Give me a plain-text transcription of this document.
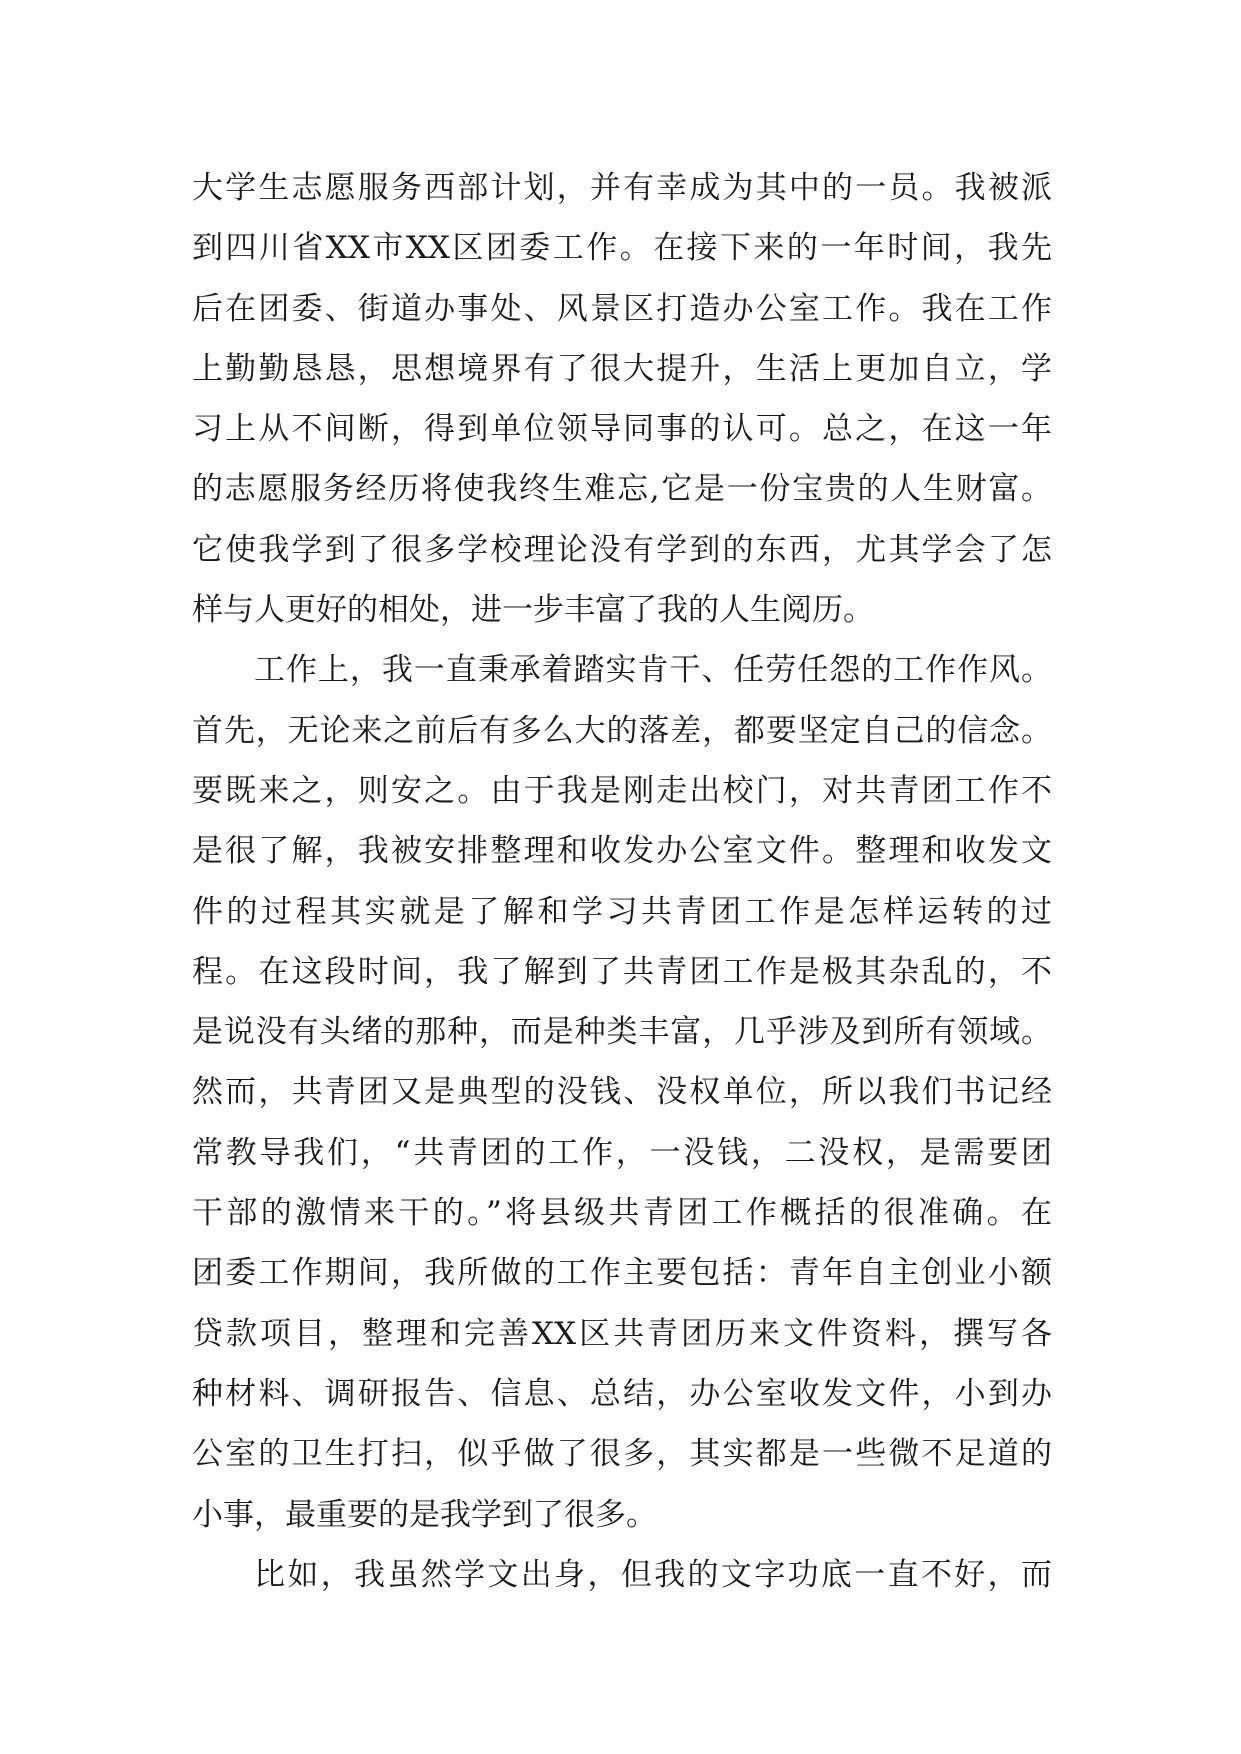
大学生志愿服务西部计划，并有幸成为其中的一员。我被派
到四川省XX市XX区团委工作。在接下来的一年时间，我先
后在团委、街道办事处、风景区打造办公室工作。我在工作
上勤勤恳恳，思想境界有了很大提升，生活上更加自立，学
习上从不间断，得到单位领导同事的认可。总之，在这一年
的志愿服务经历将使我终生难忘,它是一份宝贵的人生财富。
它使我学到了很多学校理论没有学到的东西，尤其学会了怎
样与人更好的相处，进一步丰富了我的人生阅历。
工作上，我一直秉承着踏实肯干、任劳任怨的工作作风。
首先，无论来之前后有多么大的落差，都要坚定自己的信念。
要既来之，则安之。由于我是刚走出校门，对共青团工作不
是很了解，我被安排整理和收发办公室文件。整理和收发文
件的过程其实就是了解和学习共青团工作是怎样运转的过
程。在这段时间，我了解到了共青团工作是极其杂乱的，不
是说没有头绪的那种，而是种类丰富，几乎涉及到所有领域。
然而，共青团又是典型的没钱、没权单位，所以我们书记经
常教导我们，“共青团的工作，一没钱，二没权，是需要团
干部的激情来干的。”将县级共青团工作概括的很准确。在
团委工作期间，我所做的工作主要包括：青年自主创业小额
贷款项目，整理和完善XX区共青团历来文件资料，撰写各
种材料、调研报告、信息、总结，办公室收发文件，小到办
公室的卫生打扫，似乎做了很多，其实都是一些微不足道的
小事，最重要的是我学到了很多。
比如，我虽然学文出身，但我的文字功底一直不好，而
